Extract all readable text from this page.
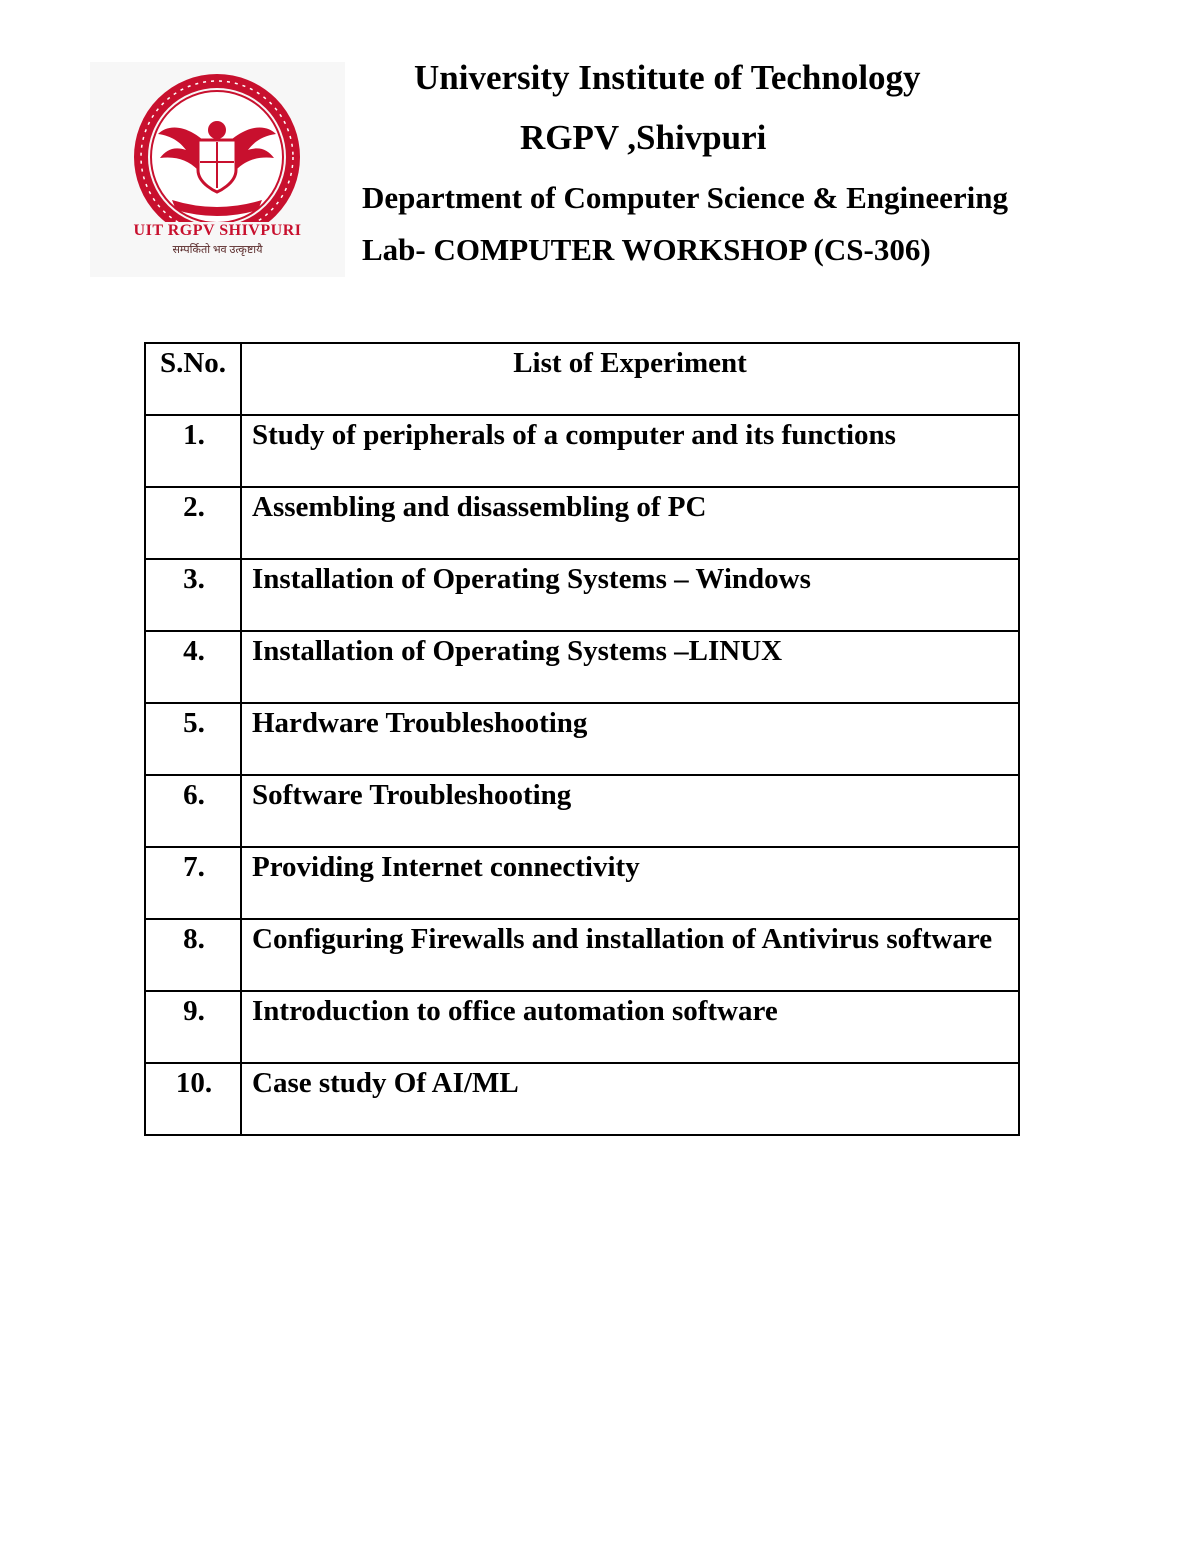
UIT RGPV SHIVPURI
सम्पर्कितो भव उत्कृष्टायै
University Institute of Technology
RGPV ,Shivpuri
Department of Computer Science & Engineering
Lab- COMPUTER WORKSHOP (CS-306)
S.No.	List of Experiment
1.	Study of peripherals of a computer and its functions
2.	Assembling and disassembling of PC
3.	Installation of Operating Systems – Windows
4.	Installation of Operating Systems –LINUX
5.	Hardware Troubleshooting
6.	Software Troubleshooting
7.	Providing Internet connectivity
8.	Configuring Firewalls and installation of Antivirus software
9.	Introduction to office automation software
10.	Case study Of AI/ML
